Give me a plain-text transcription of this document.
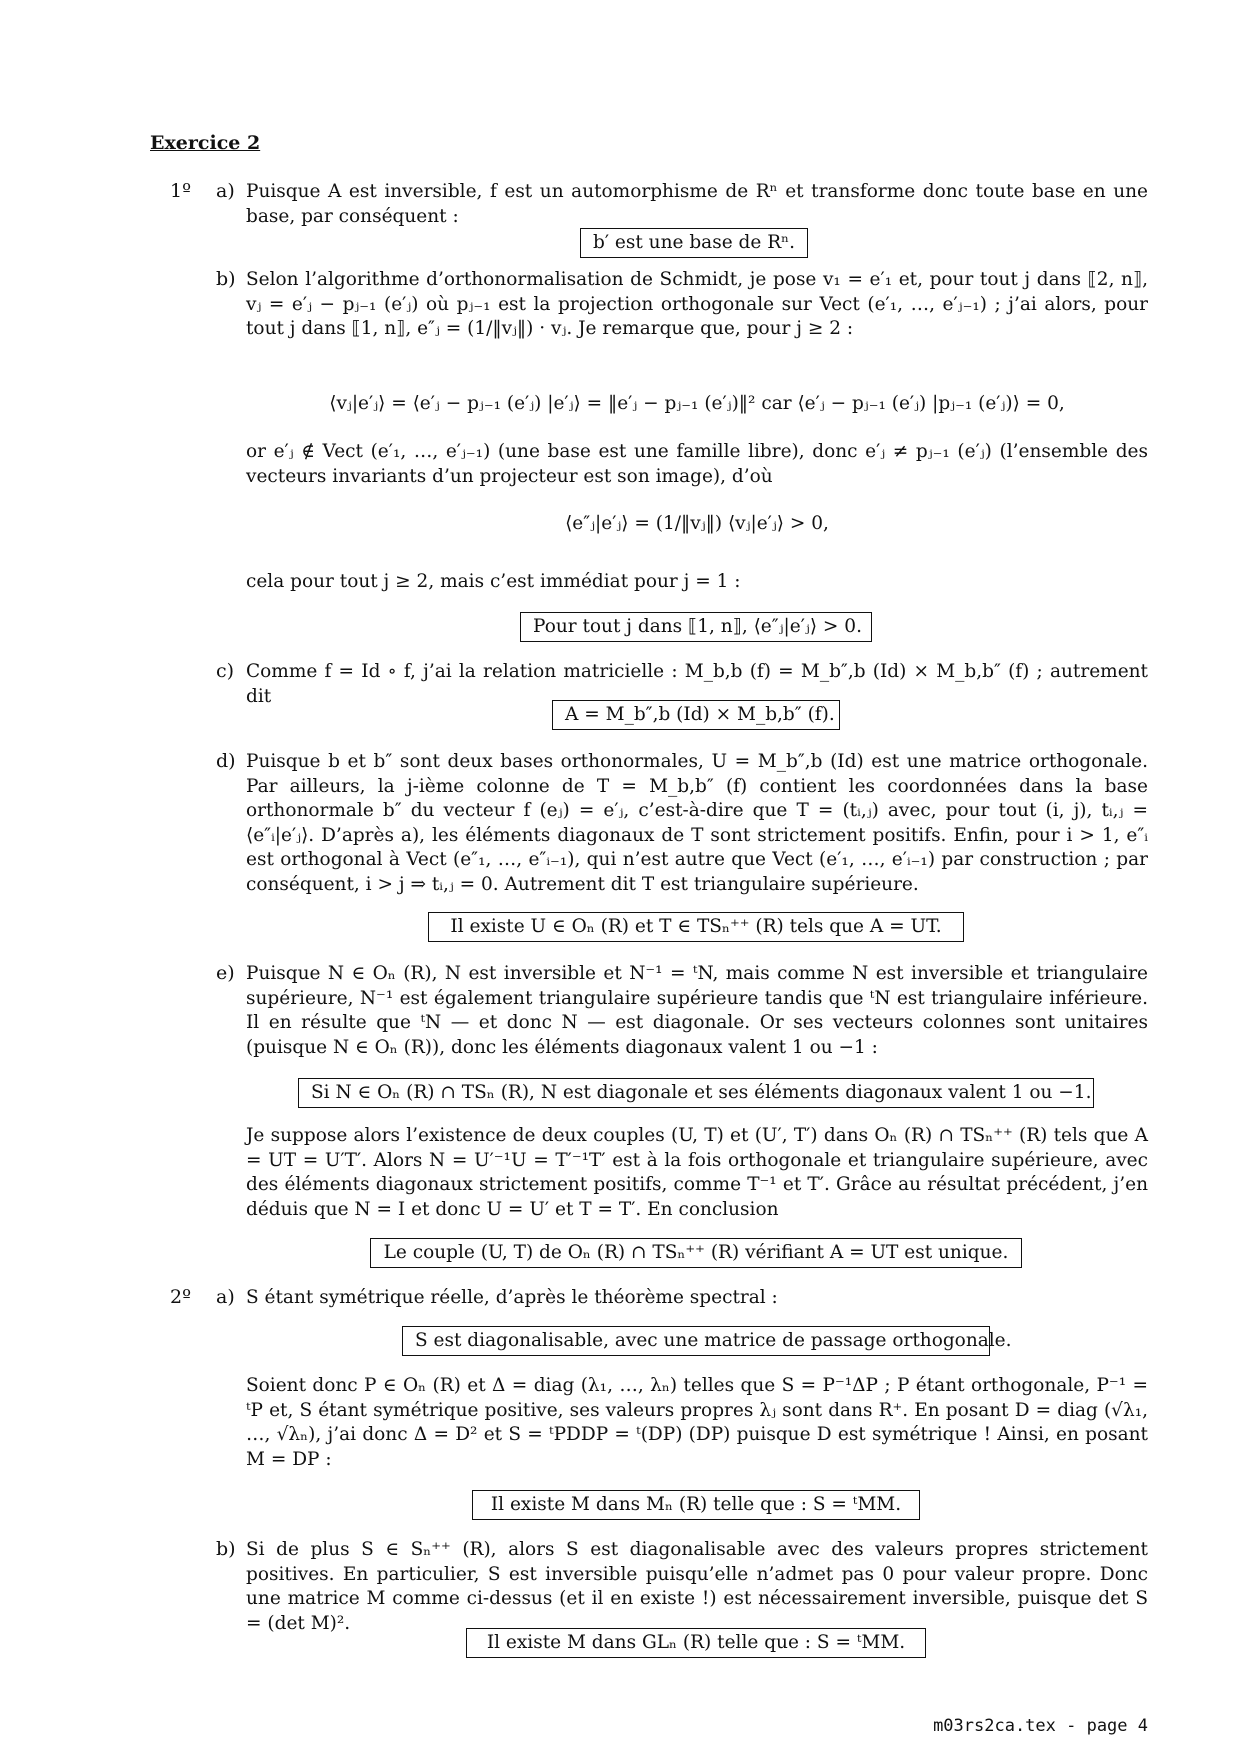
Exercice 2
1º a) Puisque A est inversible, f est un automorphisme de Rⁿ et transforme donc toute base en une base, par conséquent :
b′ est une base de Rⁿ.
b) Selon l’algorithme d’orthonormalisation de Schmidt, je pose v₁ = e′₁ et, pour tout j dans ⟦2, n⟧, vⱼ = e′ⱼ − pⱼ₋₁ (e′ⱼ) où pⱼ₋₁ est la projection orthogonale sur Vect (e′₁, …, e′ⱼ₋₁) ; j’ai alors, pour tout j dans ⟦1, n⟧, e″ⱼ = (1/‖vⱼ‖) · vⱼ. Je remarque que, pour j ≥ 2 :
⟨vⱼ|e′ⱼ⟩ = ⟨e′ⱼ − pⱼ₋₁ (e′ⱼ) |e′ⱼ⟩ = ‖e′ⱼ − pⱼ₋₁ (e′ⱼ)‖² car ⟨e′ⱼ − pⱼ₋₁ (e′ⱼ) |pⱼ₋₁ (e′ⱼ)⟩ = 0,
or e′ⱼ ∉ Vect (e′₁, …, e′ⱼ₋₁) (une base est une famille libre), donc e′ⱼ ≠ pⱼ₋₁ (e′ⱼ) (l’ensemble des vecteurs invariants d’un projecteur est son image), d’où
⟨e″ⱼ|e′ⱼ⟩ = (1/‖vⱼ‖) ⟨vⱼ|e′ⱼ⟩ > 0,
cela pour tout j ≥ 2, mais c’est immédiat pour j = 1 :
Pour tout j dans ⟦1, n⟧, ⟨e″ⱼ|e′ⱼ⟩ > 0.
c) Comme f = Id ∘ f, j’ai la relation matricielle : M_b,b (f) = M_b″,b (Id) × M_b,b″ (f) ; autrement dit
A = M_b″,b (Id) × M_b,b″ (f).
d) Puisque b et b″ sont deux bases orthonormales, U = M_b″,b (Id) est une matrice orthogonale. Par ailleurs, la j-ième colonne de T = M_b,b″ (f) contient les coordonnées dans la base orthonormale b″ du vecteur f (eⱼ) = e′ⱼ, c’est-à-dire que T = (tᵢ,ⱼ) avec, pour tout (i, j), tᵢ,ⱼ = ⟨e″ᵢ|e′ⱼ⟩. D’après a), les éléments diagonaux de T sont strictement positifs. Enfin, pour i > 1, e″ᵢ est orthogonal à Vect (e″₁, …, e″ᵢ₋₁), qui n’est autre que Vect (e′₁, …, e′ᵢ₋₁) par construction ; par conséquent, i > j ⇒ tᵢ,ⱼ = 0. Autrement dit T est triangulaire supérieure.
Il existe U ∈ Oₙ (R) et T ∈ TSₙ⁺⁺ (R) tels que A = UT.
e) Puisque N ∈ Oₙ (R), N est inversible et N⁻¹ = ᵗN, mais comme N est inversible et triangulaire supérieure, N⁻¹ est également triangulaire supérieure tandis que ᵗN est triangulaire inférieure. Il en résulte que ᵗN — et donc N — est diagonale. Or ses vecteurs colonnes sont unitaires (puisque N ∈ Oₙ (R)), donc les éléments diagonaux valent 1 ou −1 :
Si N ∈ Oₙ (R) ∩ TSₙ (R), N est diagonale et ses éléments diagonaux valent 1 ou −1.
Je suppose alors l’existence de deux couples (U, T) et (U′, T′) dans Oₙ (R) ∩ TSₙ⁺⁺ (R) tels que A = UT = U′T′. Alors N = U′⁻¹U = T′⁻¹T′ est à la fois orthogonale et triangulaire supérieure, avec des éléments diagonaux strictement positifs, comme T⁻¹ et T′. Grâce au résultat précédent, j’en déduis que N = I et donc U = U′ et T = T′. En conclusion
Le couple (U, T) de Oₙ (R) ∩ TSₙ⁺⁺ (R) vérifiant A = UT est unique.
2º a) S étant symétrique réelle, d’après le théorème spectral :
S est diagonalisable, avec une matrice de passage orthogonale.
Soient donc P ∈ Oₙ (R) et Δ = diag (λ₁, …, λₙ) telles que S = P⁻¹ΔP ; P étant orthogonale, P⁻¹ = ᵗP et, S étant symétrique positive, ses valeurs propres λⱼ sont dans R⁺. En posant D = diag (√λ₁, …, √λₙ), j’ai donc Δ = D² et S = ᵗPDDP = ᵗ(DP) (DP) puisque D est symétrique ! Ainsi, en posant M = DP :
Il existe M dans Mₙ (R) telle que : S = ᵗMM.
b) Si de plus S ∈ Sₙ⁺⁺ (R), alors S est diagonalisable avec des valeurs propres strictement positives. En particulier, S est inversible puisqu’elle n’admet pas 0 pour valeur propre. Donc une matrice M comme ci-dessus (et il en existe !) est nécessairement inversible, puisque det S = (det M)².
Il existe M dans GLₙ (R) telle que : S = ᵗMM.
m03rs2ca.tex - page 4
